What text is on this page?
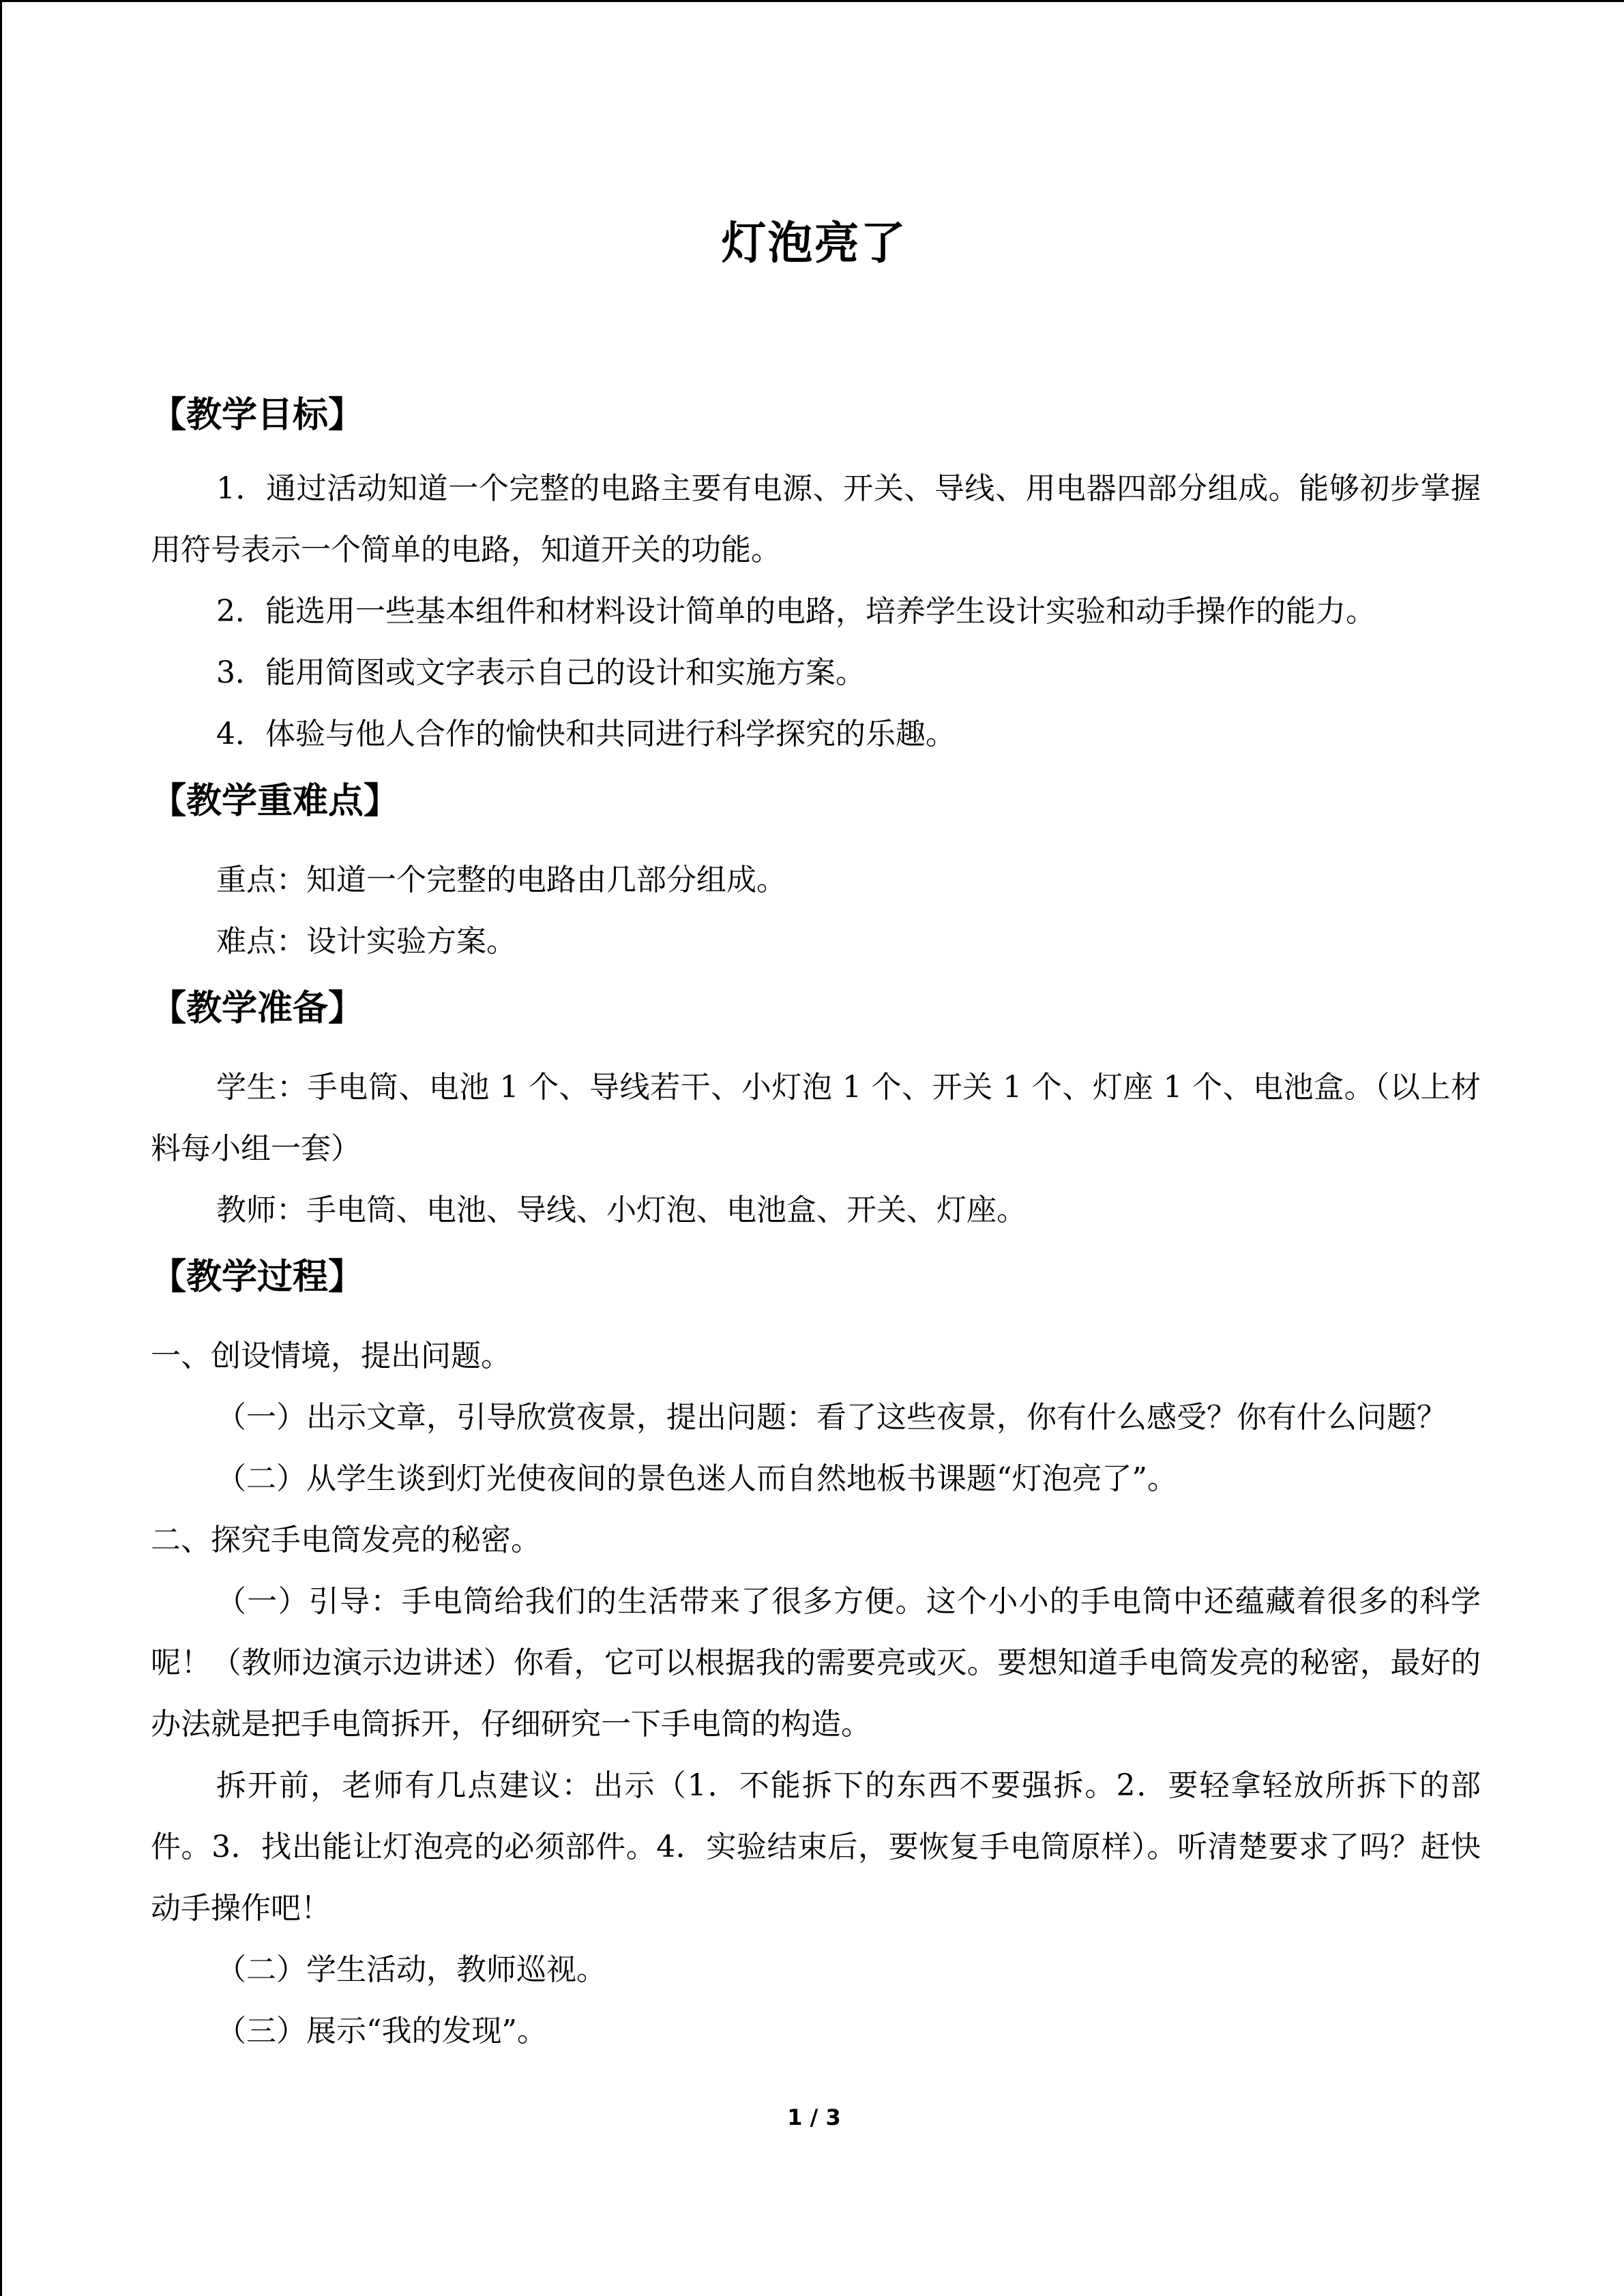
灯泡亮了
【教学目标】

1．通过活动知道一个完整的电路主要有电源、开关、导线、用电器四部分组成。能够初步掌握用符号表示一个简单的电路，知道开关的功能。

2．能选用一些基本组件和材料设计简单的电路，培养学生设计实验和动手操作的能力。

3．能用简图或文字表示自己的设计和实施方案。

4．体验与他人合作的愉快和共同进行科学探究的乐趣。

【教学重难点】

重点：知道一个完整的电路由几部分组成。

难点：设计实验方案。

【教学准备】

学生：手电筒、电池 1 个、导线若干、小灯泡 1 个、开关 1 个、灯座 1 个、电池盒。（以上材料每小组一套）

教师：手电筒、电池、导线、小灯泡、电池盒、开关、灯座。

【教学过程】

一、创设情境，提出问题。

（一）出示文章，引导欣赏夜景，提出问题：看了这些夜景，你有什么感受？你有什么问题？

（二）从学生谈到灯光使夜间的景色迷人而自然地板书课题“灯泡亮了”。

二、探究手电筒发亮的秘密。

（一）引导：手电筒给我们的生活带来了很多方便。这个小小的手电筒中还蕴藏着很多的科学呢！（教师边演示边讲述）你看，它可以根据我的需要亮或灭。要想知道手电筒发亮的秘密，最好的办法就是把手电筒拆开，仔细研究一下手电筒的构造。

拆开前，老师有几点建议：出示（1．不能拆下的东西不要强拆。2．要轻拿轻放所拆下的部件。3．找出能让灯泡亮的必须部件。4．实验结束后，要恢复手电筒原样）。听清楚要求了吗？赶快动手操作吧！

（二）学生活动，教师巡视。

（三）展示“我的发现”。

1 / 3
